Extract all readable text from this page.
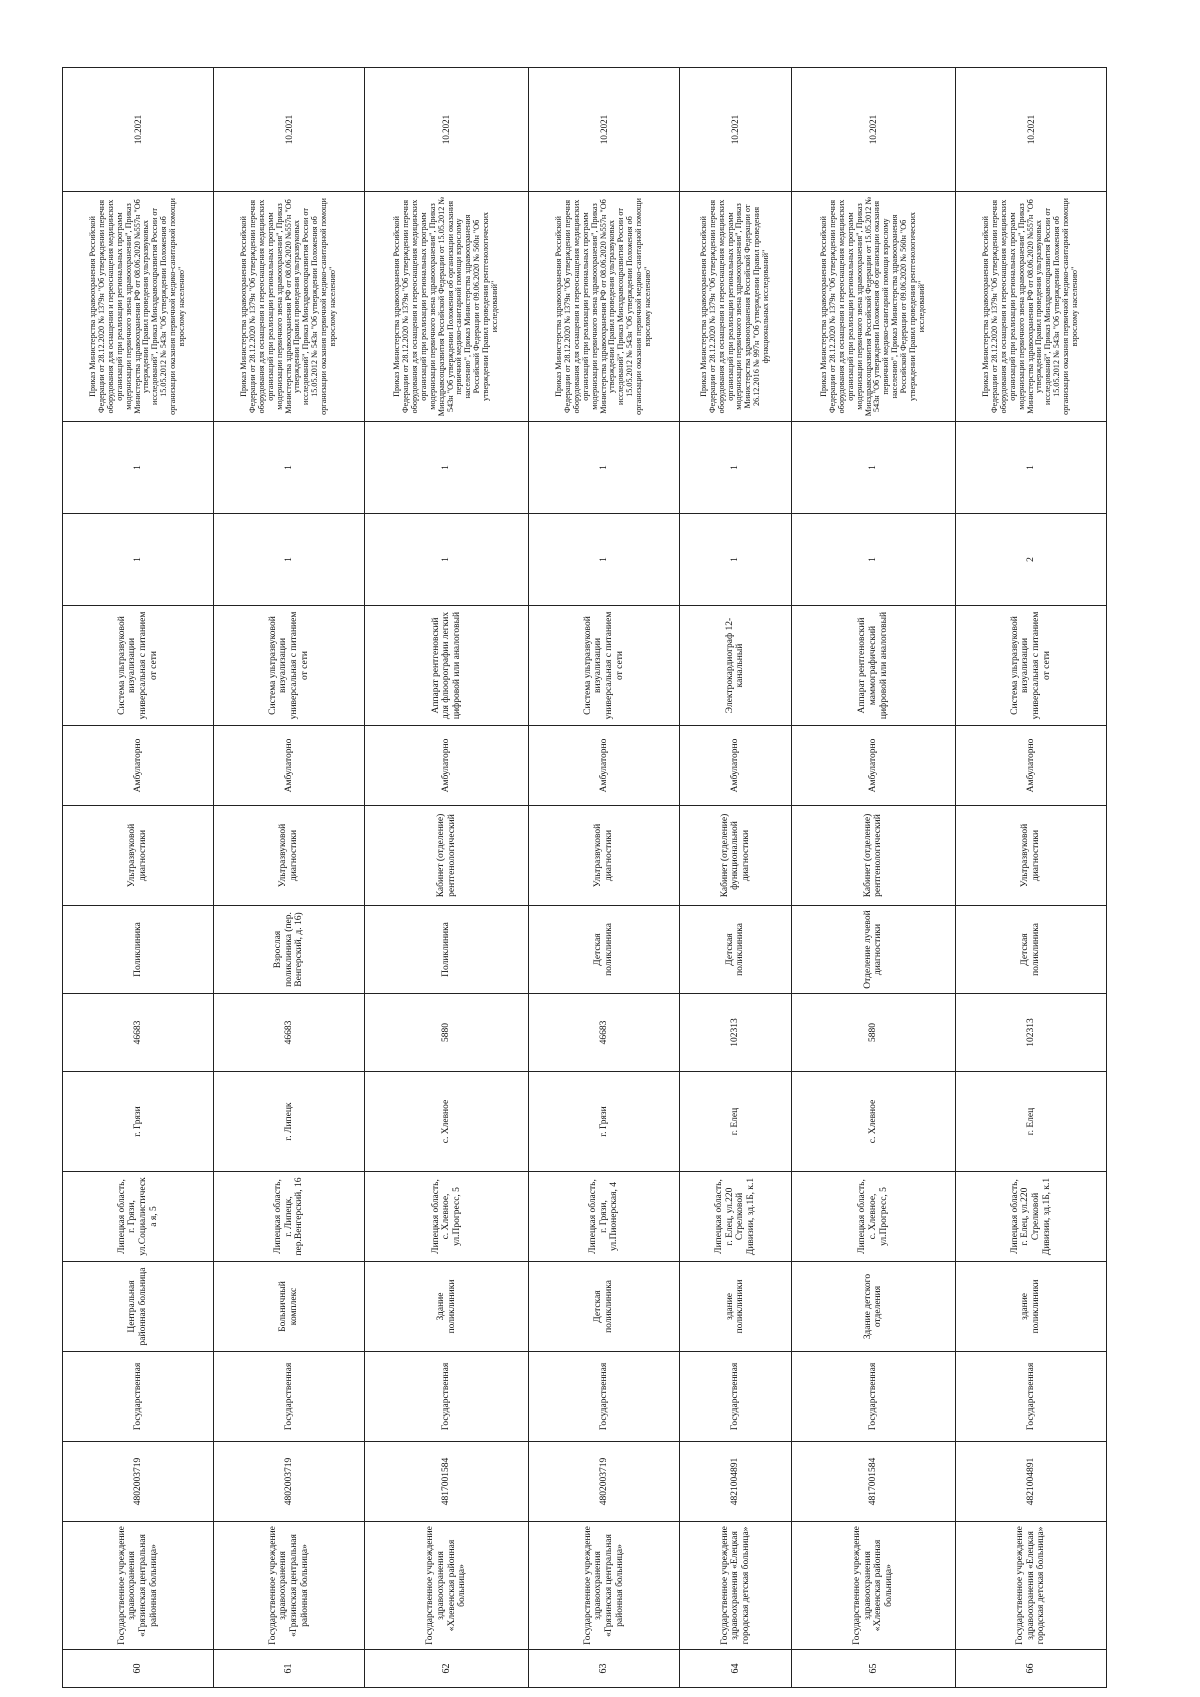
60	Государственное учреждение здравоохранения «Грязинская центральная районная больница»	4802003719	Государственная	Центральная районная больница	Липецкая область, г. Грязи, ул.Социалистическа я, 5	г. Грязи	46683	Поликлиника	Ультразвуковой диагностики	Амбулаторно	Система ультразвуковой визуализации универсальная с питанием от сети	1	1	Приказ Министерства здравоохранения Российской Федерации от 28.12.2020 № 1379н "Об утверждении перечня оборудования для оснащения и переоснащения медицинских организаций при реализации региональных программ модернизации первичного звена здравоохранения", Приказ Министерства здравоохранения РФ от 08.06.2020 №557н "Об утверждении Правил проведения ультразвуковых исследований", Приказ Минздравсоцразвития России от 15.05.2012 № 543н "Об утверждении Положения об организации оказания первичной медико-санитарной помощи взрослому населению"	10.2021
61	Государственное учреждение здравоохранения «Грязинская центральная районная больница»	4802003719	Государственная	Больничный комплекс	Липецкая область, г. Липецк, пер.Венгерский, 16	г. Липецк	46683	Взрослая поликлиника (пер. Венгерский, д. 16)	Ультразвуковой диагностики	Амбулаторно	Система ультразвуковой визуализации универсальная с питанием от сети	1	1	Приказ Министерства здравоохранения Российской Федерации от 28.12.2020 № 1379н "Об утверждении перечня оборудования для оснащения и переоснащения медицинских организаций при реализации региональных программ модернизации первичного звена здравоохранения", Приказ Министерства здравоохранения РФ от 08.06.2020 №557н "Об утверждении Правил проведения ультразвуковых исследований", Приказ Минздравсоцразвития России от 15.05.2012 № 543н "Об утверждении Положения об организации оказания первичной медико-санитарной помощи взрослому населению"	10.2021
62	Государственное учреждение здравоохранения «Хлевенская районная больница»	4817001584	Государственная	Здание поликлиники	Липецкая область, с. Хлевное, ул.Прогресс, 5	с. Хлевное	5880	Поликлиника	Кабинет (отделение) рентгенологический	Амбулаторно	Аппарат рентгеновский для флюорографии легких цифровой или аналоговый	1	1	Приказ Министерства здравоохранения Российской Федерации от 28.12.2020 № 1379н "Об утверждении перечня оборудования для оснащения и переоснащения медицинских организаций при реализации региональных программ модернизации первичного звена здравоохранения", Приказ Минздравсоцразвития Российской Федерации от 15.05.2012 № 543н "Об утверждении Положения об организации оказания первичной медико-санитарной помощи взрослому населению", Приказ Министерства здравоохранения Российской Федерации от 09.06.2020 № 560н "Об утверждении Правил проведения рентгенологических исследований"	10.2021
63	Государственное учреждение здравоохранения «Грязинская центральная районная больница»	4802003719	Государственная	Детская поликлиника	Липецкая область, г. Грязи, ул.Пионерская, 4	г. Грязи	46683	Детская поликлиника	Ультразвуковой диагностики	Амбулаторно	Система ультразвуковой визуализации универсальная с питанием от сети	1	1	Приказ Министерства здравоохранения Российской Федерации от 28.12.2020 № 1379н "Об утверждении перечня оборудования для оснащения и переоснащения медицинских организаций при реализации региональных программ модернизации первичного звена здравоохранения", Приказ Министерства здравоохранения РФ от 08.06.2020 №557н "Об утверждении Правил проведения ультразвуковых исследований", Приказ Минздравсоцразвития России от 15.05.2012 № 543н "Об утверждении Положения об организации оказания первичной медико-санитарной помощи взрослому населению"	10.2021
64	Государственное учреждение здравоохранения «Елецкая городская детская больница»	4821004891	Государственная	здание поликлиники	Липецкая область, г. Елец, ул.220 Стрелковой Дивизии, зд.1Б, к.1	г. Елец	102313	Детская поликлиника	Кабинет (отделение) функциональной диагностики	Амбулаторно	Электрокардиограф 12-канальный	1	1	Приказ Министерства здравоохранения Российской Федерации от 28.12.2020 № 1379н "Об утверждении перечня оборудования для оснащения и переоснащения медицинских организаций при реализации региональных программ модернизации первичного звена здравоохранения", Приказ Министерства здравоохранения Российской Федерации от 26.12.2016 № 997н "Об утверждении Правил проведения функциональных исследований"	10.2021
65	Государственное учреждение здравоохранения «Хлевенская районная больница»	4817001584	Государственная	Здание детского отделения	Липецкая область, с. Хлевное, ул.Прогресс, 5	с. Хлевное	5880	Отделение лучевой диагностики	Кабинет (отделение) рентгенологический	Амбулаторно	Аппарат рентгеновский маммографический цифровой или аналоговый	1	1	Приказ Министерства здравоохранения Российской Федерации от 28.12.2020 № 1379н "Об утверждении перечня оборудования для оснащения и переоснащения медицинских организаций при реализации региональных программ модернизации первичного звена здравоохранения", Приказ Минздравсоцразвития Российской Федерации от 15.05.2012 № 543н "Об утверждении Положения об организации оказания первичной медико-санитарной помощи взрослому населению", Приказ Министерства здравоохранения Российской Федерации от 09.06.2020 № 560н "Об утверждении Правил проведения рентгенологических исследований"	10.2021
66	Государственное учреждение здравоохранения «Елецкая городская детская больница»	4821004891	Государственная	здание поликлиники	Липецкая область, г. Елец, ул.220 Стрелковой Дивизии, зд.1Б, к.1	г. Елец	102313	Детская поликлиника	Ультразвуковой диагностики	Амбулаторно	Система ультразвуковой визуализации универсальная с питанием от сети	2	1	Приказ Министерства здравоохранения Российской Федерации от 28.12.2020 № 1379н "Об утверждении перечня оборудования для оснащения и переоснащения медицинских организаций при реализации региональных программ модернизации первичного звена здравоохранения", Приказ Министерства здравоохранения РФ от 08.06.2020 №557н "Об утверждении Правил проведения ультразвуковых исследований", Приказ Минздравсоцразвития России от 15.05.2012 № 543н "Об утверждении Положения об организации оказания первичной медико-санитарной помощи взрослому населению"	10.2021
